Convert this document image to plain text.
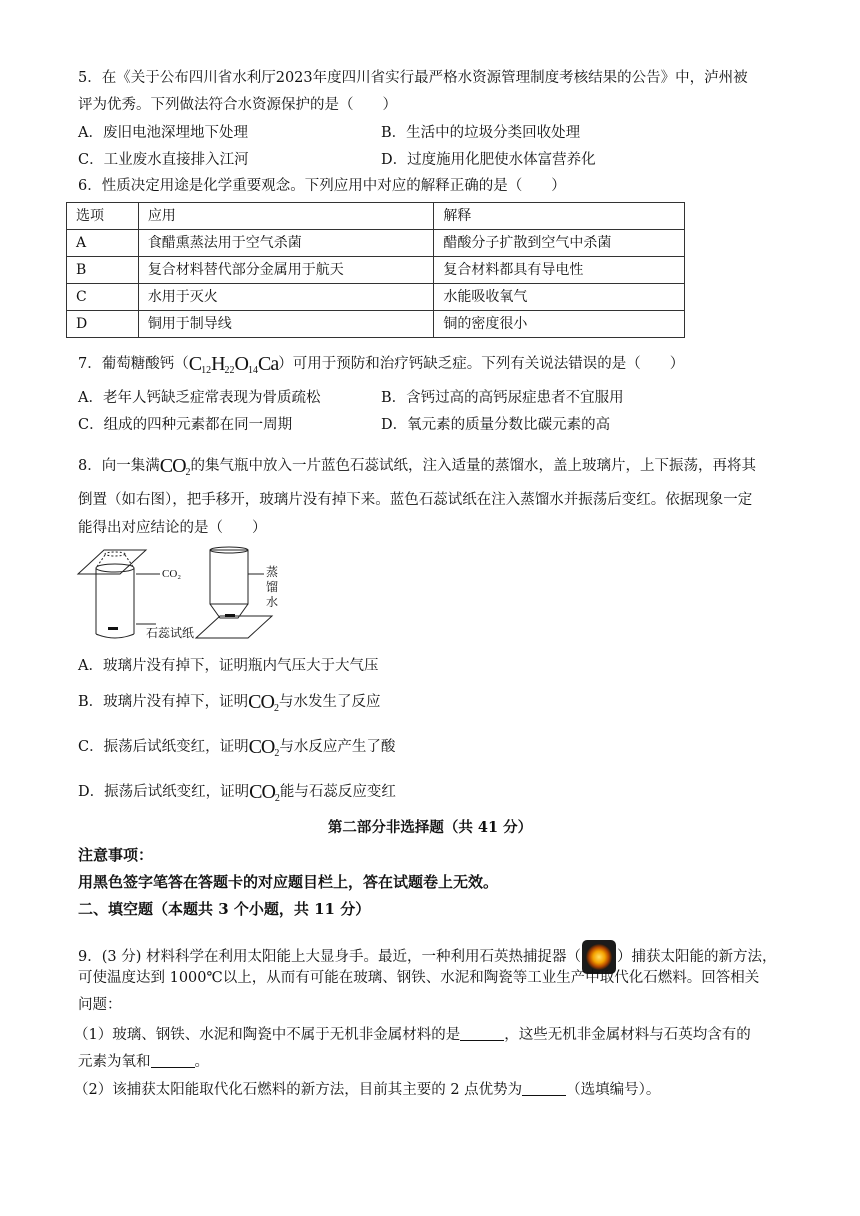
5．在《关于公布四川省水利厅2023年度四川省实行最严格水资源管理制度考核结果的公告》中，泸州被
评为优秀。下列做法符合水资源保护的是（　　）
A．废旧电池深埋地下处理	B．生活中的垃圾分类回收处理
C．工业废水直接排入江河	D．过度施用化肥使水体富营养化
6．性质决定用途是化学重要观念。下列应用中对应的解释正确的是（　　）
选项	应用	解释
A	食醋熏蒸法用于空气杀菌	醋酸分子扩散到空气中杀菌
B	复合材料替代部分金属用于航天	复合材料都具有导电性
C	水用于灭火	水能吸收氧气
D	铜用于制导线	铜的密度很小
7．葡萄糖酸钙$(C_{12}H_{22}O_{14}Ca)$可用于预防和治疗钙缺乏症。下列有关说法错误的是（　　）
A．老年人钙缺乏症常表现为骨质疏松	B．含钙过高的高钙尿症患者不宜服用
C．组成的四种元素都在同一周期	D．氧元素的质量分数比碳元素的高
8．向一集满$CO_2$的集气瓶中放入一片蓝色石蕊试纸，注入适量的蒸馏水，盖上玻璃片，上下振荡，再将其
倒置（如右图），把手移开，玻璃片没有掉下来。蓝色石蕊试纸在注入蒸馏水并振荡后变红。依据现象一定
能得出对应结论的是（　　）
CO₂
石蕊试纸
蒸
馏
水
A．玻璃片没有掉下，证明瓶内气压大于大气压
B．玻璃片没有掉下，证明$CO_2$与水发生了反应
C．振荡后试纸变红，证明$CO_2$与水反应产生了酸
D．振荡后试纸变红，证明$CO_2$能与石蕊反应变红
第二部分非选择题（共 41 分）
注意事项：
用黑色签字笔答在答题卡的对应题目栏上，答在试题卷上无效。
二、填空题（本题共 3 个小题，共 11 分）
9．(3 分) 材料科学在利用太阳能上大显身手。最近，一种利用石英热捕捉器（ ）捕获太阳能的新方法，
可使温度达到 1000℃以上，从而有可能在玻璃、钢铁、水泥和陶瓷等工业生产中取代化石燃料。回答相关
问题：
（1）玻璃、钢铁、水泥和陶瓷中不属于无机非金属材料的是	，这些无机非金属材料与石英均含有的
元素为氧和	。
（2）该捕获太阳能取代化石燃料的新方法，目前其主要的 2 点优势为	（选填编号）。
